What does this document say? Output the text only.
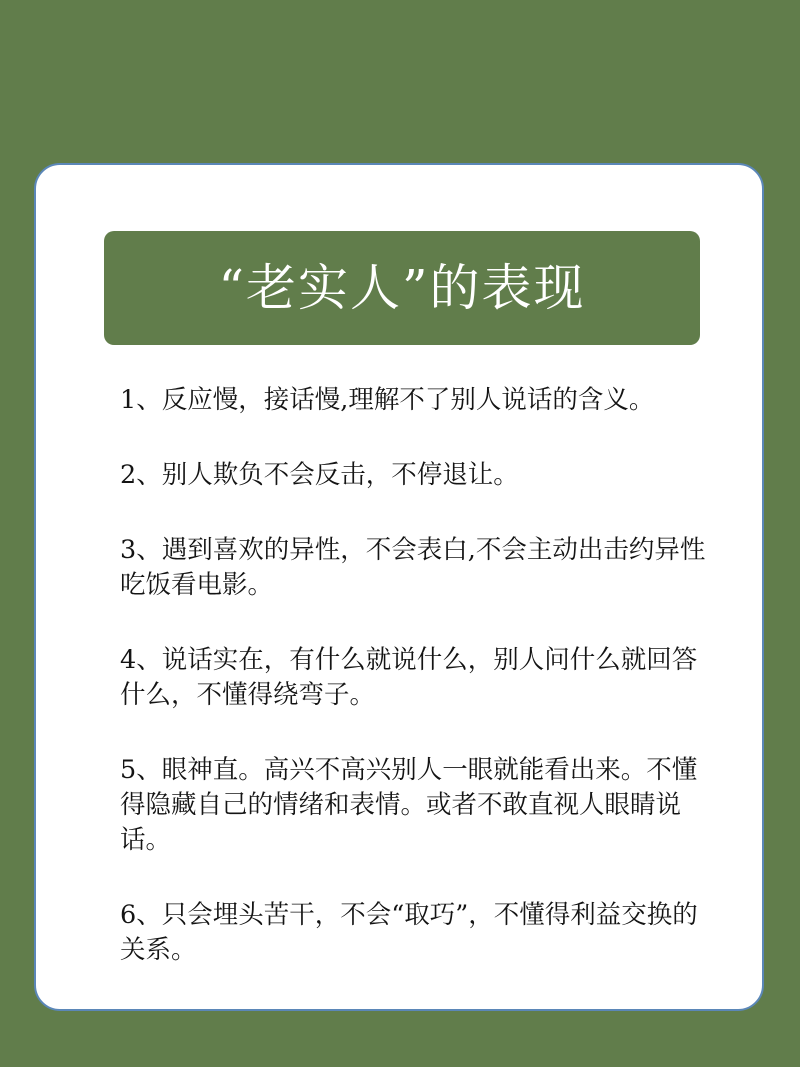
“老实人”的表现
1、反应慢，接话慢,理解不了别人说话的含义。
2、别人欺负不会反击，不停退让。
3、遇到喜欢的异性，不会表白,不会主动出击约异性吃饭看电影。
4、说话实在，有什么就说什么，别人问什么就回答什么，不懂得绕弯子。
5、眼神直。高兴不高兴别人一眼就能看出来。不懂得隐藏自己的情绪和表情。或者不敢直视人眼睛说话。
6、只会埋头苦干，不会“取巧”，不懂得利益交换的关系。
